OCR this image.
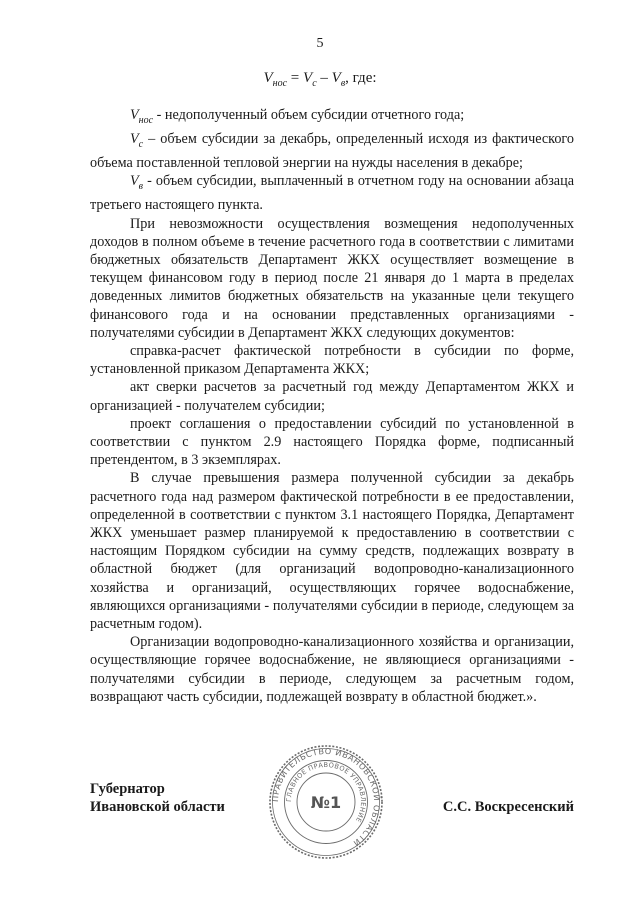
5
$V_{нос} = V_с - V_в$, где:

$V_{нос}$ - недополученный объем субсидии отчетного года;

$V_с$ – объем субсидии за декабрь, определенный исходя из фактического объема поставленной тепловой энергии на нужды населения в декабре;

$V_в$ - объем субсидии, выплаченный в отчетном году на основании абзаца третьего настоящего пункта.

При невозможности осуществления возмещения недополученных доходов в полном объеме в течение расчетного года в соответствии с лимитами бюджетных обязательств Департамент ЖКХ осуществляет возмещение в текущем финансовом году в период после 21 января до 1 марта в пределах доведенных лимитов бюджетных обязательств на указанные цели текущего финансового года и на основании представленных организациями - получателями субсидии в Департамент ЖКХ следующих документов:

справка-расчет фактической потребности в субсидии по форме, установленной приказом Департамента ЖКХ;

акт сверки расчетов за расчетный год между Департаментом ЖКХ и организацией - получателем субсидии;

проект соглашения о предоставлении субсидий по установленной в соответствии с пунктом 2.9 настоящего Порядка форме, подписанный претендентом, в 3 экземплярах.

В случае превышения размера полученной субсидии за декабрь расчетного года над размером фактической потребности в ее предоставлении, определенной в соответствии с пунктом 3.1 настоящего Порядка, Департамент ЖКХ уменьшает размер планируемой к предоставлению в соответствии с настоящим Порядком субсидии на сумму средств, подлежащих возврату в областной бюджет (для организаций водопроводно-канализационного хозяйства и организаций, осуществляющих горячее водоснабжение, являющихся организациями - получателями субсидии в периоде, следующем за расчетным годом).

Организации водопроводно-канализационного хозяйства и организации, осуществляющие горячее водоснабжение, не являющиеся организациями - получателями субсидии в периоде, следующем за расчетным годом, возвращают часть субсидии, подлежащей возврату в областной бюджет.».

Губернатор
Ивановской области	С.С. Воскресенский
ПРАВИТЕЛЬСТВО ИВАНОВСКОЙ ОБЛАСТИ
ГЛАВНОЕ ПРАВОВОЕ УПРАВЛЕНИЕ
№1
